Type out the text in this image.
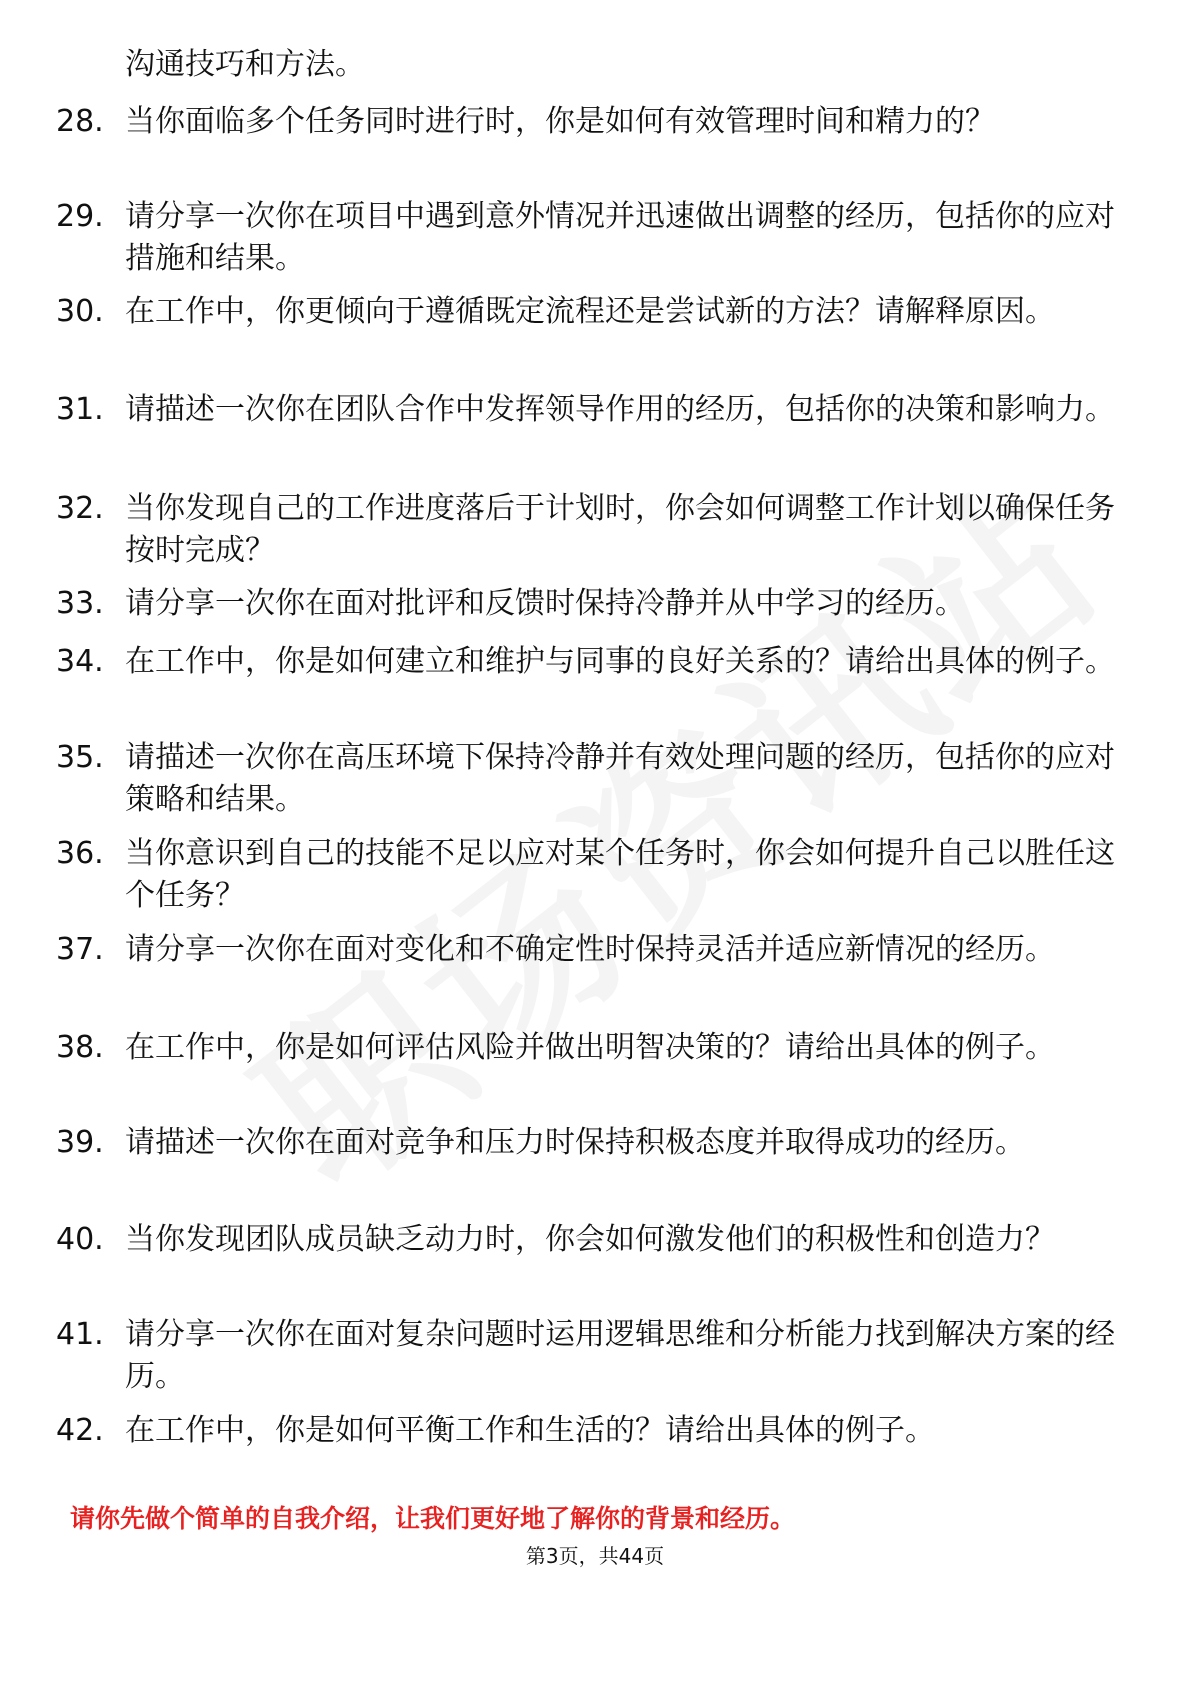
沟通技巧和方法。
28. 当你面临多个任务同时进行时，你是如何有效管理时间和精力的？
29. 请分享一次你在项目中遇到意外情况并迅速做出调整的经历，包括你的应对措施和结果。
30. 在工作中，你更倾向于遵循既定流程还是尝试新的方法？请解释原因。
31. 请描述一次你在团队合作中发挥领导作用的经历，包括你的决策和影响力。
32. 当你发现自己的工作进度落后于计划时，你会如何调整工作计划以确保任务按时完成？
33. 请分享一次你在面对批评和反馈时保持冷静并从中学习的经历。
34. 在工作中，你是如何建立和维护与同事的良好关系的？请给出具体的例子。
35. 请描述一次你在高压环境下保持冷静并有效处理问题的经历，包括你的应对策略和结果。
36. 当你意识到自己的技能不足以应对某个任务时，你会如何提升自己以胜任这个任务？
37. 请分享一次你在面对变化和不确定性时保持灵活并适应新情况的经历。
38. 在工作中，你是如何评估风险并做出明智决策的？请给出具体的例子。
39. 请描述一次你在面对竞争和压力时保持积极态度并取得成功的经历。
40. 当你发现团队成员缺乏动力时，你会如何激发他们的积极性和创造力？
41. 请分享一次你在面对复杂问题时运用逻辑思维和分析能力找到解决方案的经历。
42. 在工作中，你是如何平衡工作和生活的？请给出具体的例子。
请你先做个简单的自我介绍，让我们更好地了解你的背景和经历。
第3页，共44页
